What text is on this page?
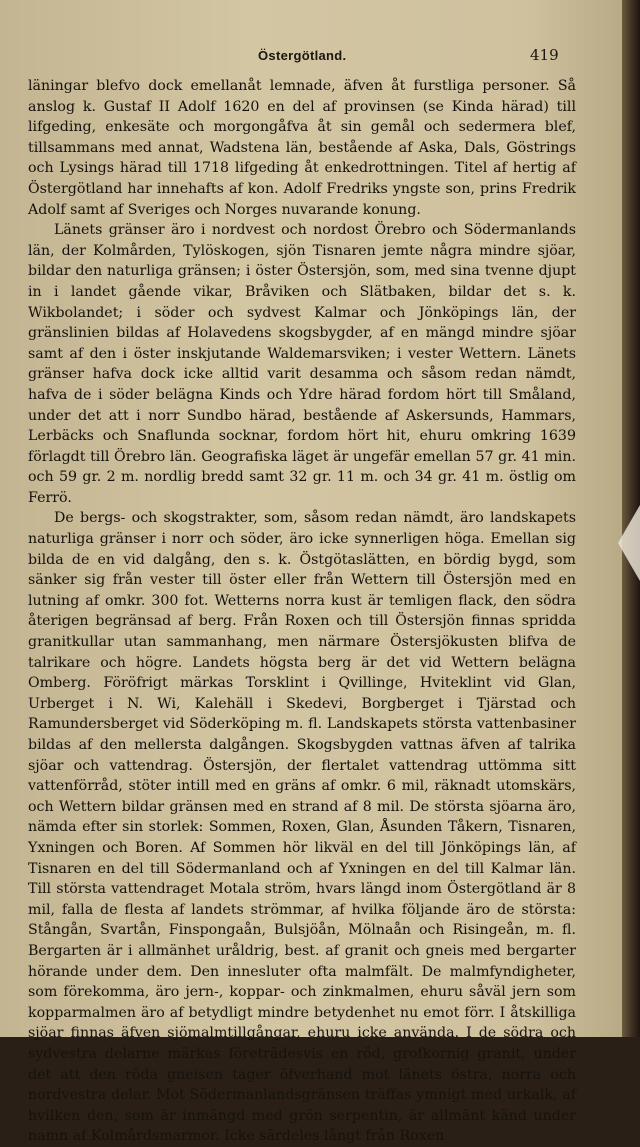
Östergötland.	419

läningar blefvo dock emellanåt lemnade, äfven åt furstliga personer. Så anslog k. Gustaf II Adolf 1620 en del af provinsen (se Kinda härad) till lifgeding, enkesäte och morgongåfva åt sin gemål och sedermera blef, tillsammans med annat, Wadstena län, bestående af Aska, Dals, Göstrings och Lysings härad till 1718 lifgeding åt enkedrottningen. Titel af hertig af Östergötland har innehafts af kon. Adolf Fredriks yngste son, prins Fredrik Adolf samt af Sveriges och Norges nuvarande konung.

Länets gränser äro i nordvest och nordost Örebro och Södermanlands län, der Kolmården, Tylöskogen, sjön Tisnaren jemte några mindre sjöar, bildar den naturliga gränsen; i öster Östersjön, som, med sina tvenne djupt in i landet gående vikar, Bråviken och Slätbaken, bildar det s. k. Wikbolandet; i söder och sydvest Kalmar och Jönköpings län, der gränslinien bildas af Holavedens skogsbygder, af en mängd mindre sjöar samt af den i öster inskjutande Waldemarsviken; i vester Wettern. Länets gränser hafva dock icke alltid varit desamma och såsom redan nämdt, hafva de i söder belägna Kinds och Ydre härad fordom hört till Småland, under det att i norr Sundbo härad, bestående af Askersunds, Hammars, Lerbäcks och Snaflunda socknar, fordom hört hit, ehuru omkring 1639 förlagdt till Örebro län. Geografiska läget är ungefär emellan 57 gr. 41 min. och 59 gr. 2 m. nordlig bredd samt 32 gr. 11 m. och 34 gr. 41 m. östlig om Ferrö.

De bergs- och skogstrakter, som, såsom redan nämdt, äro landskapets naturliga gränser i norr och söder, äro icke synnerligen höga. Emellan sig bilda de en vid dalgång, den s. k. Östgötaslätten, en bördig bygd, som sänker sig från vester till öster eller från Wettern till Östersjön med en lutning af omkr. 300 fot. Wetterns norra kust är temligen flack, den södra återigen begränsad af berg. Från Roxen och till Östersjön finnas spridda granitkullar utan sammanhang, men närmare Östersjökusten blifva de talrikare och högre. Landets högsta berg är det vid Wettern belägna Omberg. Föröfrigt märkas Torsklint i Qvillinge, Hviteklint vid Glan, Urberget i N. Wi, Kalehäll i Skedevi, Borgberget i Tjärstad och Ramundersberget vid Söderköping m. fl. Landskapets största vattenbasiner bildas af den mellersta dalgången. Skogsbygden vattnas äfven af talrika sjöar och vattendrag. Östersjön, der flertalet vattendrag uttömma sitt vattenförråd, stöter intill med en gräns af omkr. 6 mil, räknadt utomskärs, och Wettern bildar gränsen med en strand af 8 mil. De största sjöarna äro, nämda efter sin storlek: Sommen, Roxen, Glan, Åsunden Tåkern, Tisnaren, Yxningen och Boren. Af Sommen hör likväl en del till Jönköpings län, af Tisnaren en del till Södermanland och af Yxningen en del till Kalmar län. Till största vattendraget Motala ström, hvars längd inom Östergötland är 8 mil, falla de flesta af landets strömmar, af hvilka följande äro de största: Stångån, Svartån, Finspongaån, Bulsjöån, Mölnaån och Risingeån, m. fl. Bergarten är i allmänhet uråldrig, best. af granit och gneis med bergarter hörande under dem. Den innesluter ofta malmfält. De malmfyndigheter, som förekomma, äro jern-, koppar- och zinkmalmen, ehuru såväl jern som kopparmalmen äro af betydligt mindre betydenhet nu emot förr. I åtskilliga sjöar finnas äfven sjömalmtillgångar, ehuru icke använda. I de södra och sydvestra delarne märkas företrädesvis en röd, grofkornig granit, under det att den röda gneisen tager öfverhand mot länets östra, norra och nordvestra delar. Mot Södermanlandsgränsen träffas ymnigt med urkalk, af hvilken den, som är inmängd med grön serpentin, är allmänt känd under namn af Kolmårdsmarmor. Icke särdeles långt från Roxen
